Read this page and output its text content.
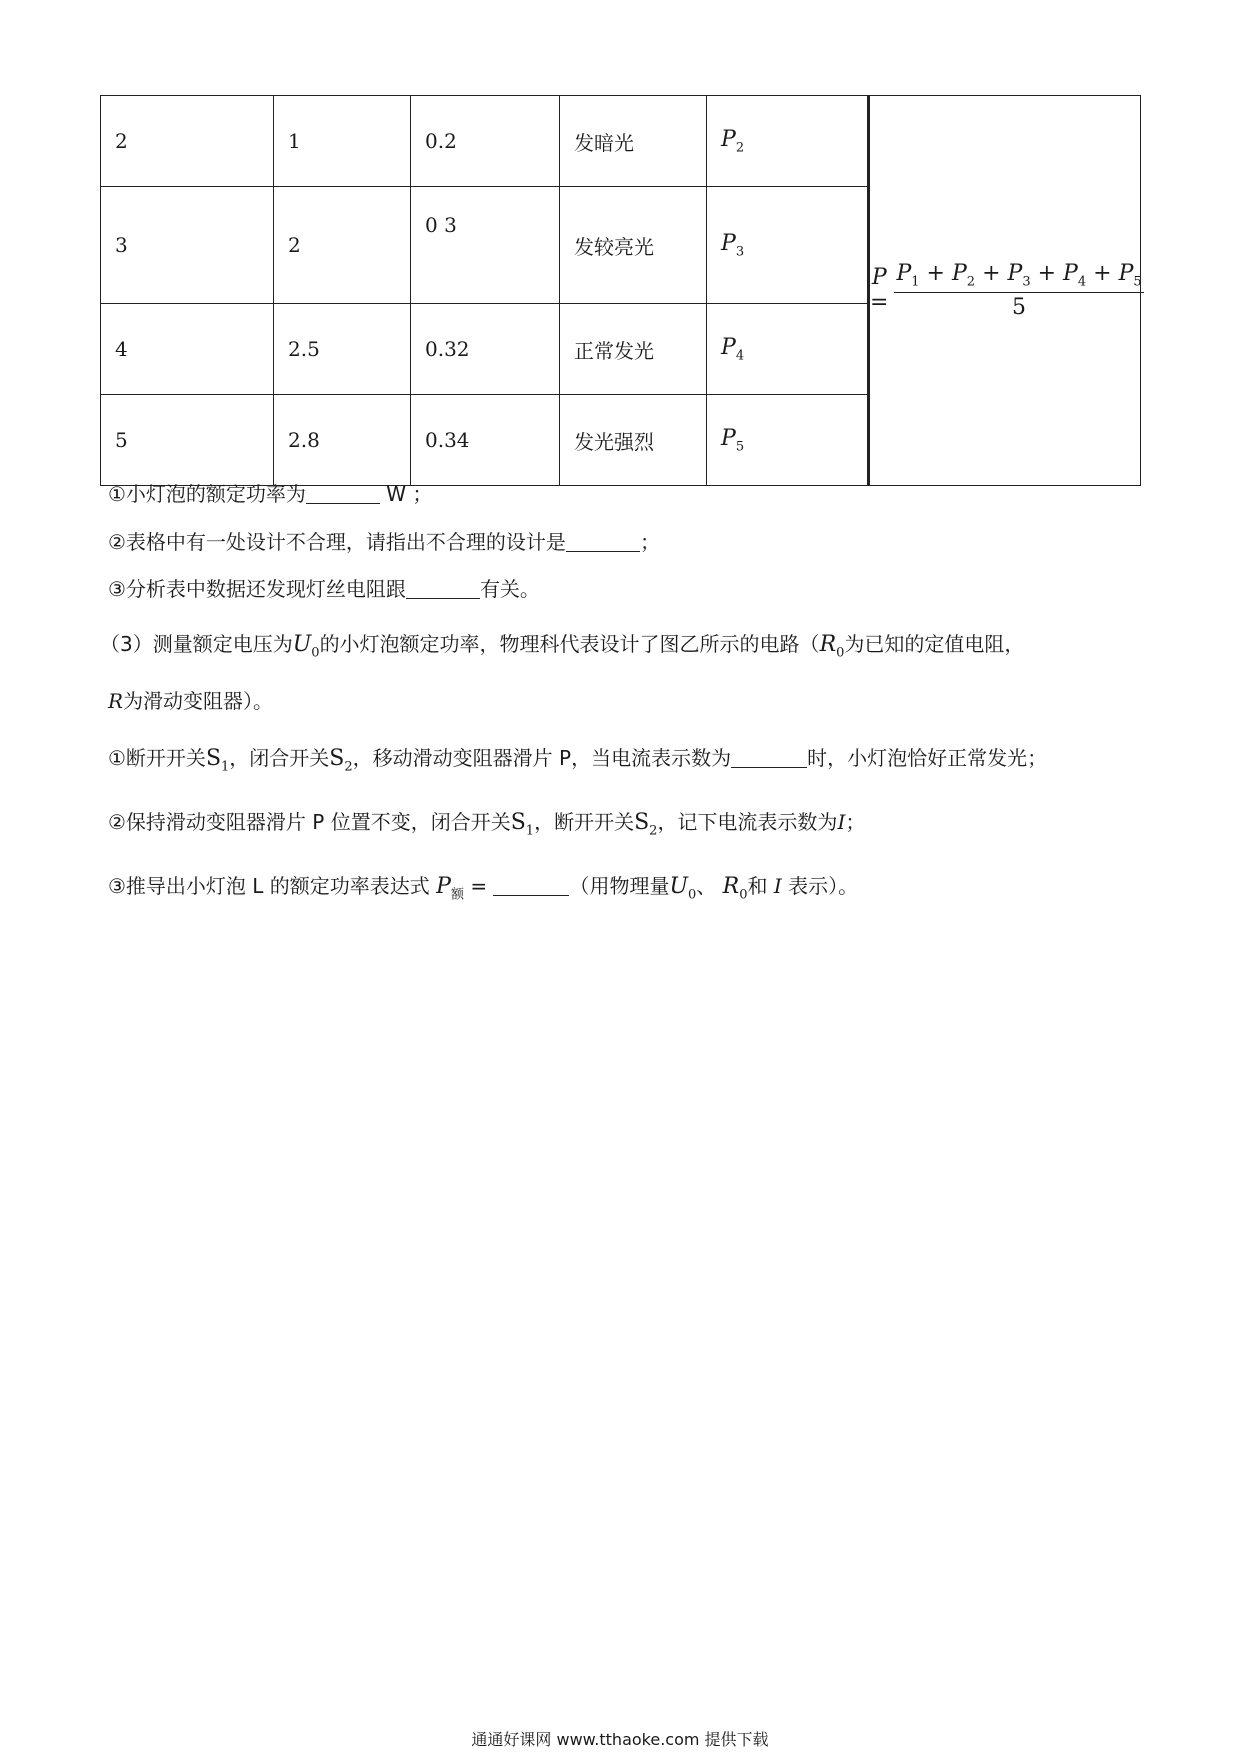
2	1	0.2	发暗光	$P_2$	P =
$P_1 + P_2 + P_3 + P_4 + P_5$
5

3	2	0 3	发较亮光	$P_3$
4	2.5	0.32	正常发光	$P_4$
5	2.8	0.34	发光强烈	$P_5$
①小灯泡的额定功率为	W ；
②表格中有一处设计不合理，请指出不合理的设计是	；
③分析表中数据还发现灯丝电阻跟	有关。
（3）测量额定电压为$U_0$的小灯泡额定功率，物理科代表设计了图乙所示的电路（$R_0$为已知的定值电阻，
R为滑动变阻器）。
①断开开关$S_1$，闭合开关$S_2$，移动滑动变阻器滑片 P，当电流表示数为	时，小灯泡恰好正常发光；
②保持滑动变阻器滑片 P 位置不变，闭合开关$S_1$，断开开关$S_2$，记下电流表示数为I；
③推导出小灯泡 L 的额定功率表达式 $P_额$ =	（用物理量$U_0$、 $R_0$和 I 表示）。
通通好课网 www.tthaoke.com 提供下载
